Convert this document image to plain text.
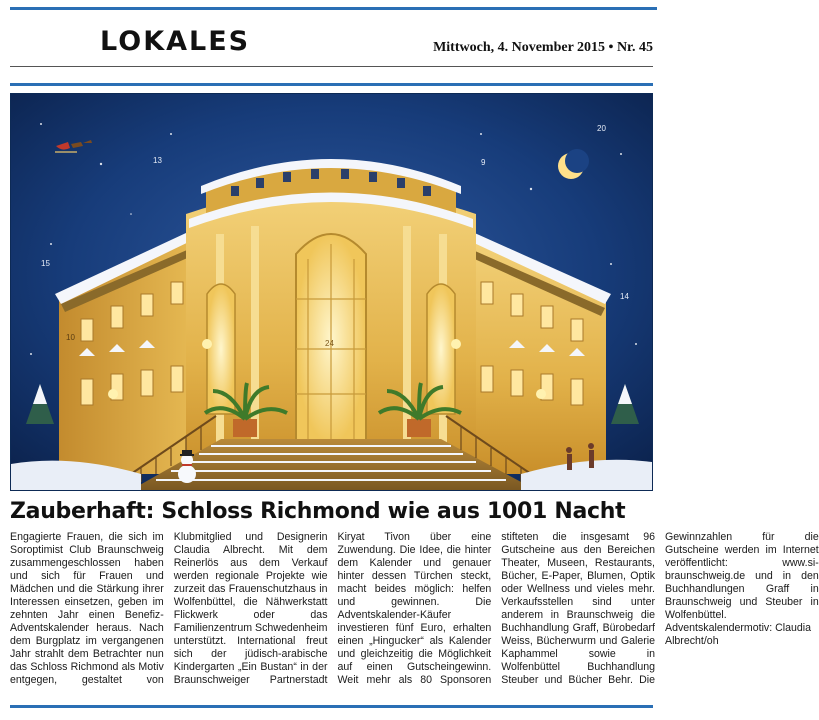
LOKALES	Mittwoch, 4. November 2015 • Nr. 45
20
13	9
15
14
24
10
Zauberhaft: Schloss Richmond wie aus 1001 Nacht

Engagierte Frauen, die sich im Soroptimist Club Braunschweig zusammengeschlossen haben und sich für Frauen und Mädchen und die Stärkung ihrer Interessen einsetzen, geben im zehnten Jahr einen Benefiz-Adventskalender heraus. Nach dem Burgplatz im vergangenen Jahr strahlt dem Betrachter nun das Schloss Richmond als Motiv entgegen, gestaltet von Klubmitglied und Designerin Claudia Albrecht. Mit dem Reinerlös aus dem Verkauf werden regionale Projekte wie zurzeit das Frauenschutzhaus in Wolfenbüttel, die Nähwerkstatt Flickwerk oder das Familienzentrum Schwedenheim unterstützt. International freut sich der jüdisch-arabische Kindergarten „Ein Bustan“ in der Braunschweiger Partnerstadt Kiryat Tivon über eine Zuwendung. Die Idee, die hinter dem Kalender und genauer hinter dessen Türchen steckt, macht beides möglich: helfen und gewinnen. Die Adventskalender-Käufer investieren fünf Euro, erhalten einen „Hingucker“ als Kalender und gleichzeitig die Möglichkeit auf einen Gutscheingewinn. Weit mehr als 80 Sponsoren stifteten die insgesamt 96 Gutscheine aus den Bereichen Theater, Museen, Restaurants, Bücher, E-Paper, Blumen, Optik oder Wellness und vieles mehr. Verkaufsstellen sind unter anderem in Braunschweig die Buchhandlung Graff, Bürobedarf Weiss, Bücherwurm und Galerie Kaphammel sowie in Wolfenbüttel Buchhandlung Steuber und Bücher Behr. Die Gewinnzahlen für die Gutscheine werden im Internet veröffentlicht: www.si-braunschweig.de und in den Buchhandlungen Graff in Braunschweig und Steuber in Wolfenbüttel.

Adventskalendermotiv: Claudia Albrecht/oh
